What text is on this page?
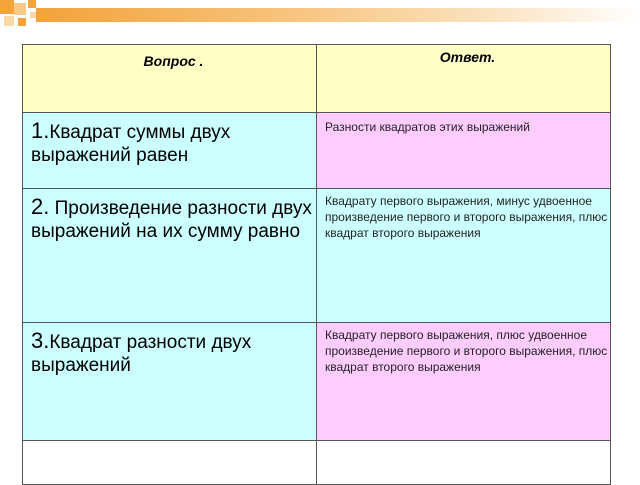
Вопрос .	Ответ.

1.Квадрат суммы двух выражений равен	Разности квадратов этих выражений

2. Произведение разности двух выражений на их сумму равно	Квадрату первого выражения, минус удвоенное произведение первого и второго выражения, плюс квадрат второго выражения

3.Квадрат разности двух выражений	Квадрату первого выражения, плюс удвоенное произведение первого и второго выражения, плюс квадрат второго выражения
